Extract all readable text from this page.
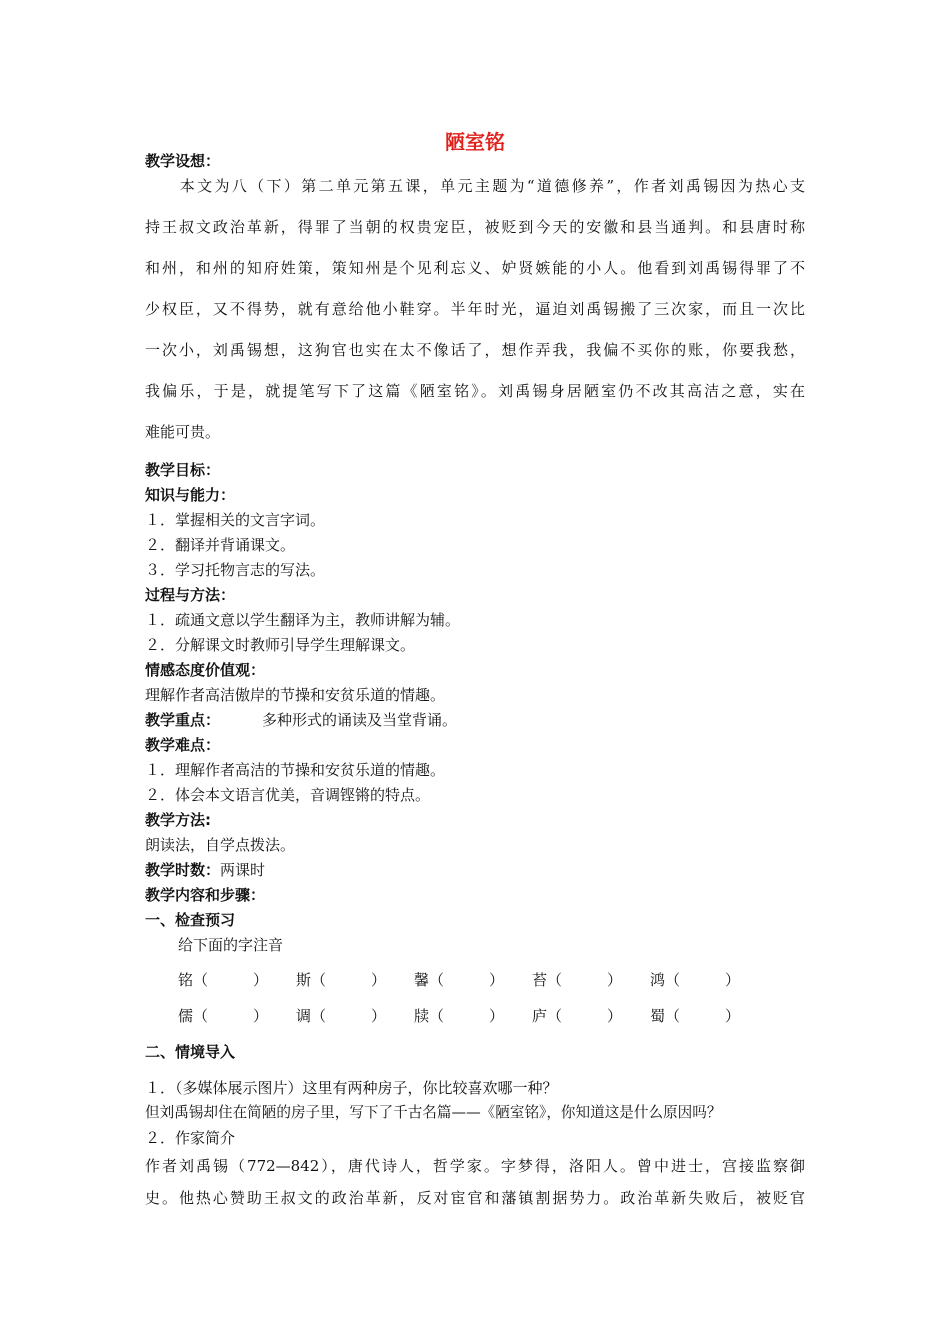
陋室铭
教学设想：
　　本文为八（下）第二单元第五课，单元主题为“道德修养”，作者刘禹锡因为热心支
持王叔文政治革新，得罪了当朝的权贵宠臣，被贬到今天的安徽和县当通判。和县唐时称
和州，和州的知府姓策，策知州是个见利忘义、妒贤嫉能的小人。他看到刘禹锡得罪了不
少权臣，又不得势，就有意给他小鞋穿。半年时光，逼迫刘禹锡搬了三次家，而且一次比
一次小，刘禹锡想，这狗官也实在太不像话了，想作弄我，我偏不买你的账，你要我愁，
我偏乐，于是，就提笔写下了这篇《陋室铭》。刘禹锡身居陋室仍不改其高洁之意，实在
难能可贵。
教学目标：
知识与能力：
１．掌握相关的文言字词。
２．翻译并背诵课文。
３．学习托物言志的写法。
过程与方法：
１．疏通文意以学生翻译为主，教师讲解为辅。
２．分解课文时教师引导学生理解课文。
情感态度价值观：
理解作者高洁傲岸的节操和安贫乐道的情趣。
教学重点：	多种形式的诵读及当堂背诵。
教学难点：
１．理解作者高洁的节操和安贫乐道的情趣。
２．体会本文语言优美，音调铿锵的特点。
教学方法:
朗读法，自学点拨法。
教学时数：两课时
教学内容和步骤：
一、检查预习
给下面的字注音
铭（　　　） 斯（　　　） 馨（　　　） 苔（　　　） 鸿（　　　）
儒（　　　） 调（　　　） 牍（　　　） 庐（　　　） 蜀（　　　）
二、情境导入
１．（多媒体展示图片）这里有两种房子，你比较喜欢哪一种？
但刘禹锡却住在简陋的房子里，写下了千古名篇——《陋室铭》，你知道这是什么原因吗？
２．作家简介
作者刘禹锡（772—842），唐代诗人，哲学家。字梦得，洛阳人。曾中进士，宫接监察御
史。他热心赞助王叔文的政治革新，反对宦官和藩镇割据势力。政治革新失败后，被贬官
